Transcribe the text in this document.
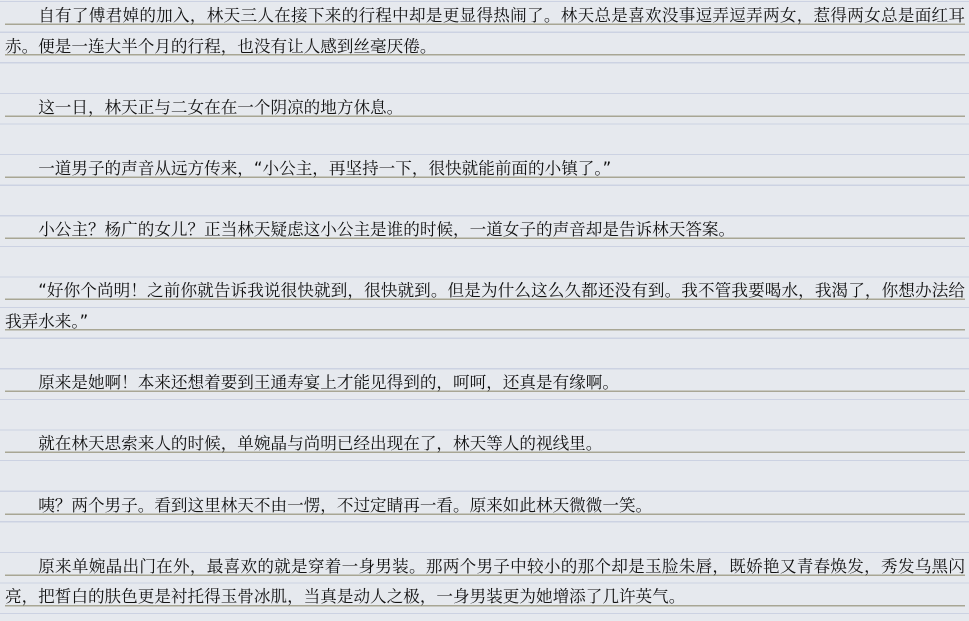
自有了傅君婥的加入，林天三人在接下来的行程中却是更显得热闹了。林天总是喜欢没事逗弄逗弄两女，惹得两女总是面红耳赤。便是一连大半个月的行程，也没有让人感到丝毫厌倦。

这一日，林天正与二女在在一个阴凉的地方休息。

一道男子的声音从远方传来，“小公主，再坚持一下，很快就能前面的小镇了。”

小公主？杨广的女儿？正当林天疑虑这小公主是谁的时候，一道女子的声音却是告诉林天答案。

“好你个尚明！之前你就告诉我说很快就到，很快就到。但是为什么这么久都还没有到。我不管我要喝水，我渴了，你想办法给我弄水来。”

原来是她啊！本来还想着要到王通寿宴上才能见得到的，呵呵，还真是有缘啊。

就在林天思索来人的时候，单婉晶与尚明已经出现在了，林天等人的视线里。

咦？两个男子。看到这里林天不由一愣，不过定睛再一看。原来如此林天微微一笑。

原来单婉晶出门在外，最喜欢的就是穿着一身男装。那两个男子中较小的那个却是玉脸朱唇，既娇艳又青春焕发，秀发乌黑闪亮，把皙白的肤色更是衬托得玉骨冰肌，当真是动人之极，一身男装更为她增添了几许英气。
